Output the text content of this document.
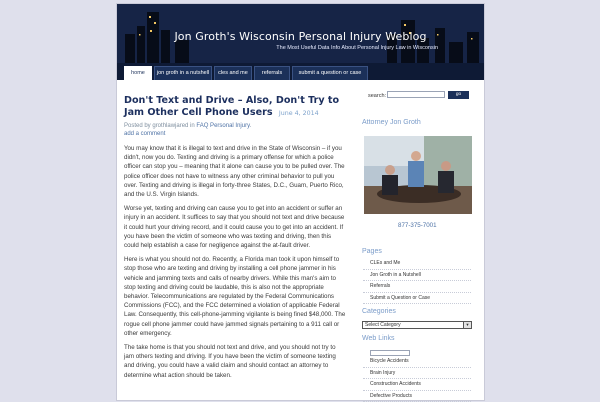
Jon Groth's Wisconsin Personal Injury Weblog
The Most Useful Data Info About Personal Injury Law in Wisconsin
home	jon groth in a nutshell	cles and me	referrals	submit a question or case
Don't Text and Drive – Also, Don't Try to Jam Other Cell Phone Users June 4, 2014
Posted by grothlawjared in FAQ Personal Injury.
add a comment

You may know that it is illegal to text and drive in the State of Wisconsin – if you didn't, now you do. Texting and driving is a primary offense for which a police officer can stop you – meaning that it alone can cause you to be pulled over. The police officer does not have to witness any other criminal behavior to pull you over. Texting and driving is illegal in forty-three States, D.C., Guam, Puerto Rico, and the U.S. Virgin Islands.

Worse yet, texting and driving can cause you to get into an accident or suffer an injury in an accident. It suffices to say that you should not text and drive because it could hurt your driving record, and it could cause you to get into an accident. If you have been the victim of someone who was texting and driving, then this could help establish a case for negligence against the at-fault driver.

Here is what you should not do. Recently, a Florida man took it upon himself to stop those who are texting and driving by installing a cell phone jammer in his vehicle and jamming texts and calls of nearby drivers. While this man's aim to stop texting and driving could be laudable, this is also not the appropriate behavior. Telecommunications are regulated by the Federal Communications Commissions (FCC), and the FCC determined a violation of applicable Federal Law. Consequently, this cell-phone-jamming vigilante is being fined $48,000. The rogue cell phone jammer could have jammed signals pertaining to a 911 call or other emergency.

The take home is that you should not text and drive, and you should not try to jam others texting and driving. If you have been the victim of someone texting and driving, you could have a valid claim and should contact an attorney to determine what action should be taken.

search:	go
Attorney Jon Groth
877-375-7001
Pages
CLEs and Me
Jon Groth in a Nutshell
Referrals
Submit a Question or Case
Categories
Select Category	▼
Web Links
Bicycle Accidents
Brain Injury
Construction Accidents
Defective Products
